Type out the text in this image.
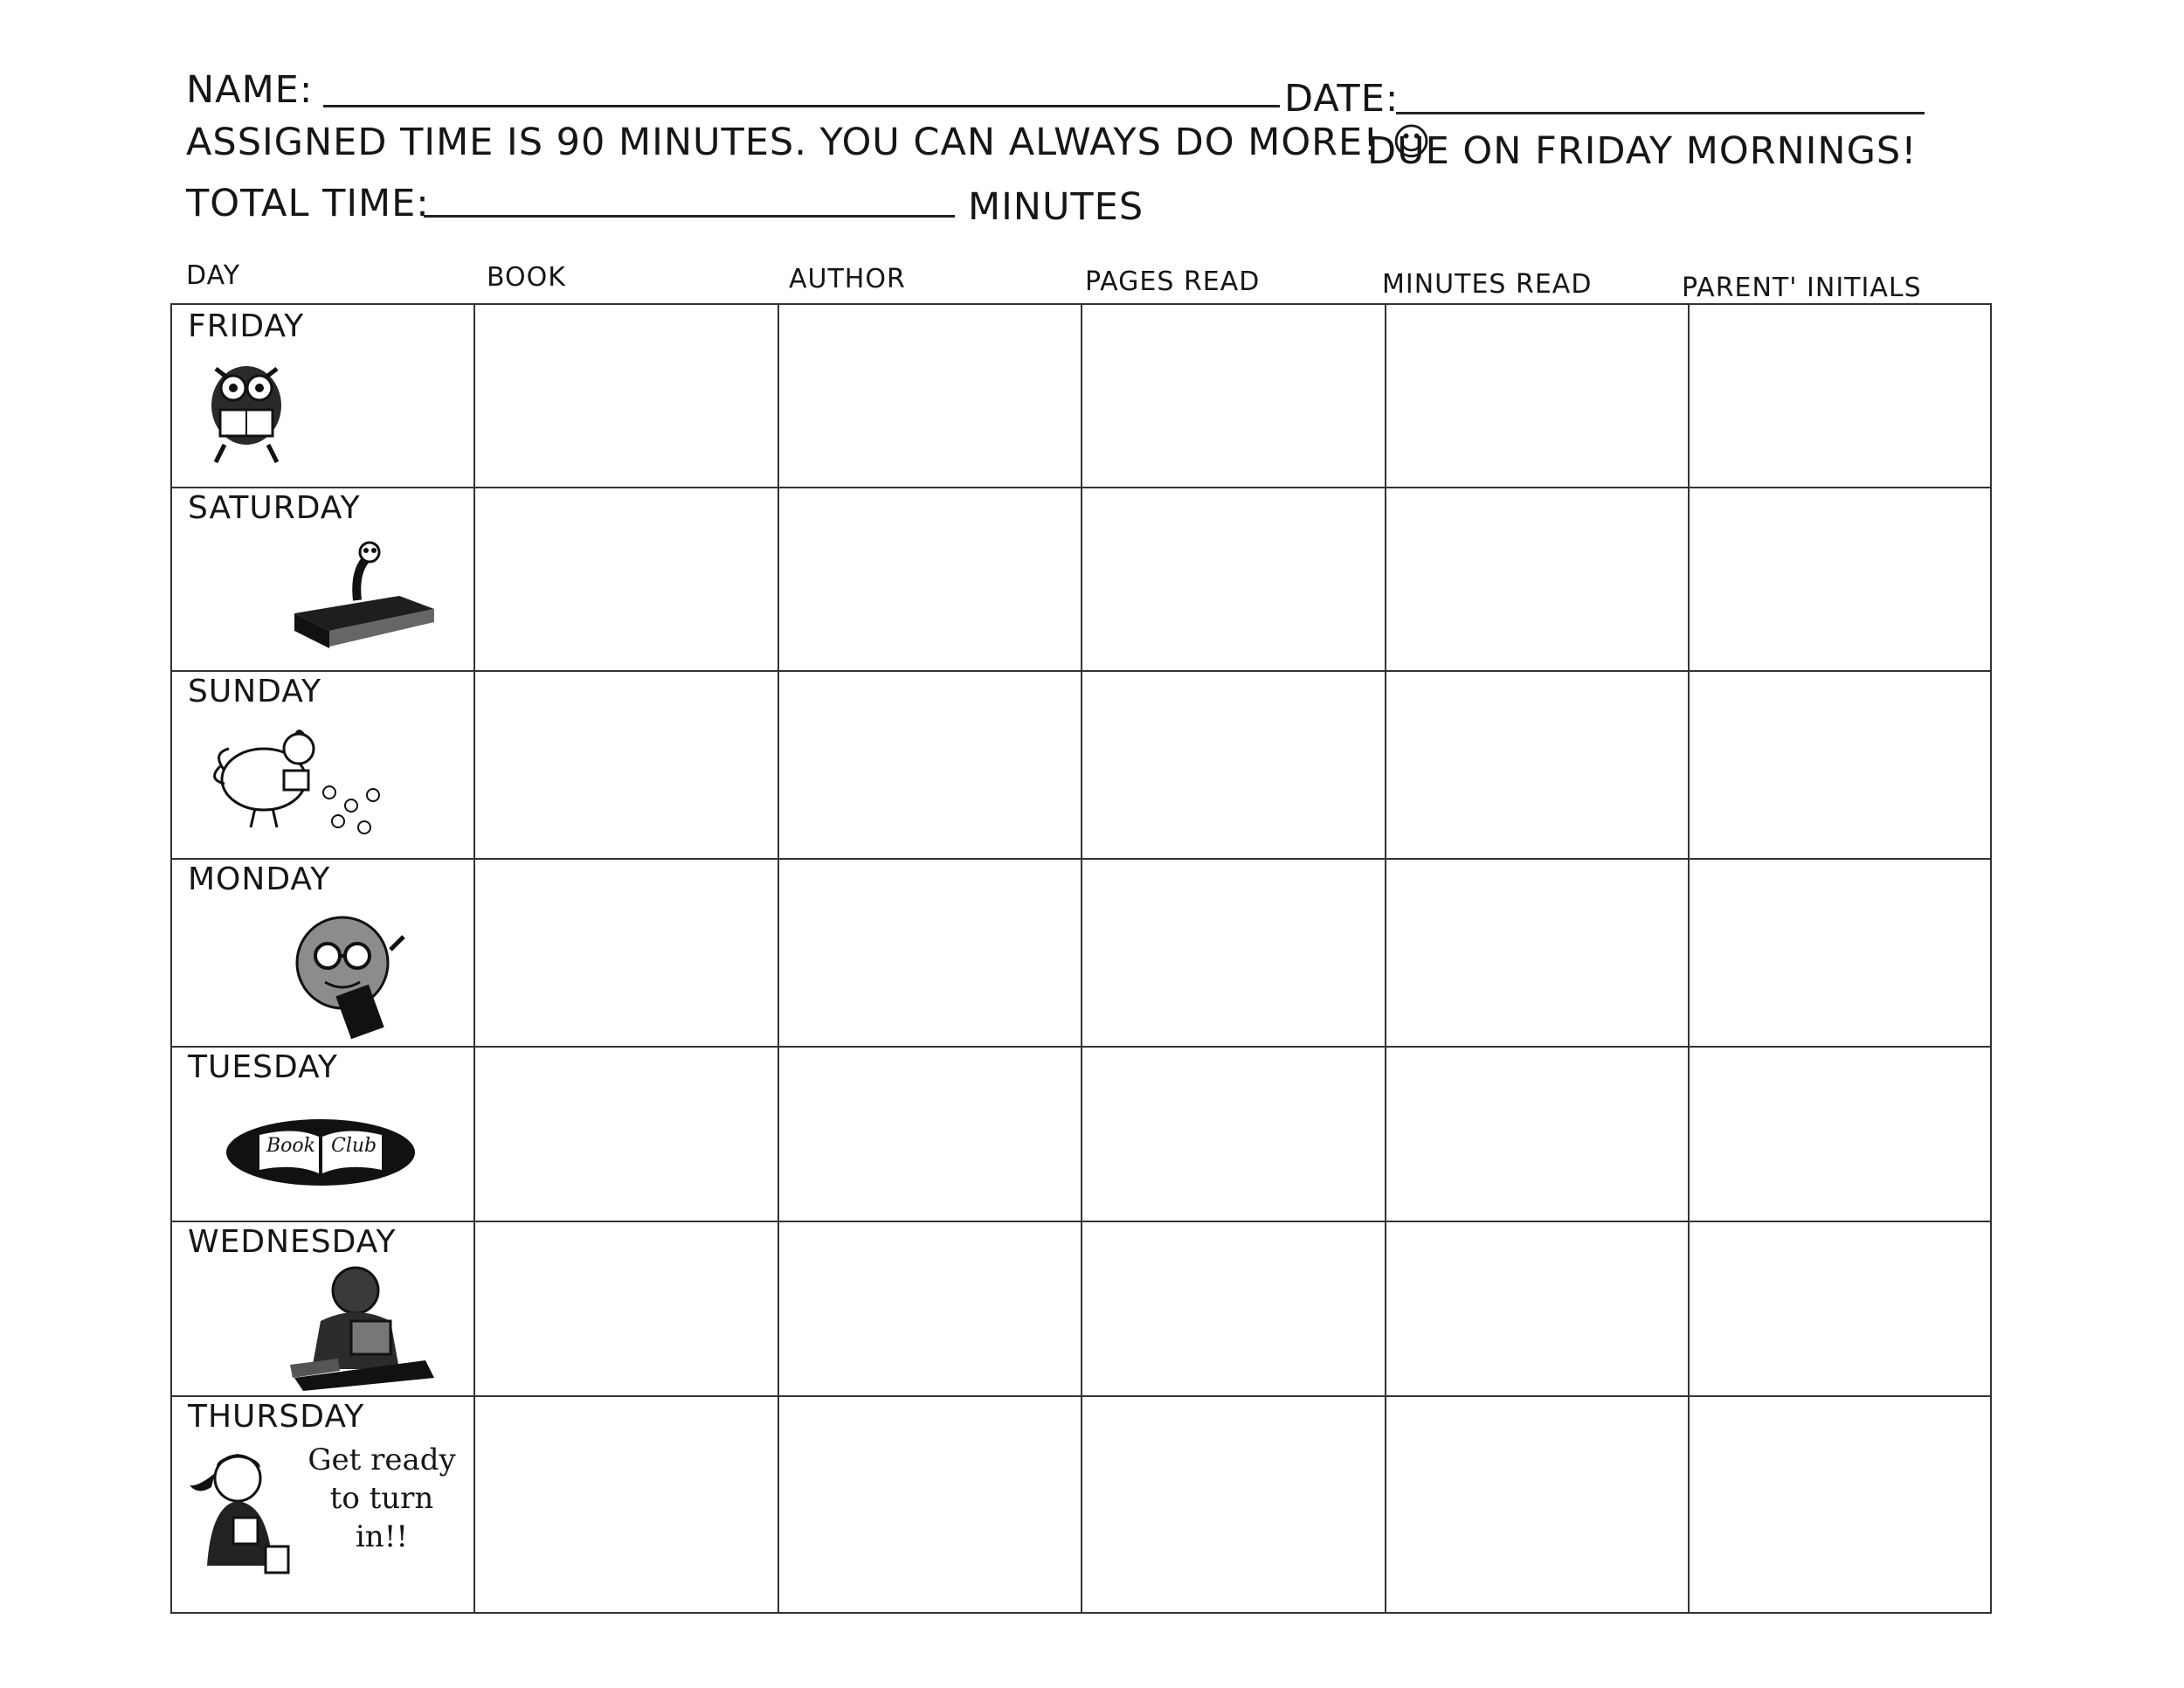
NAME:	DATE:
ASSIGNED TIME IS 90 MINUTES. YOU CAN ALWAYS DO MORE! ☺
DUE ON FRIDAY MORNINGS!
TOTAL TIME:	MINUTES
DAY	BOOK	AUTHOR	PAGES READ	MINUTES READ	PARENT' INITIALS
FRIDAY
SATURDAY
SUNDAY
MONDAY
TUESDAY
Book Club
WEDNESDAY
THURSDAY
Get ready
to turn
in!!
